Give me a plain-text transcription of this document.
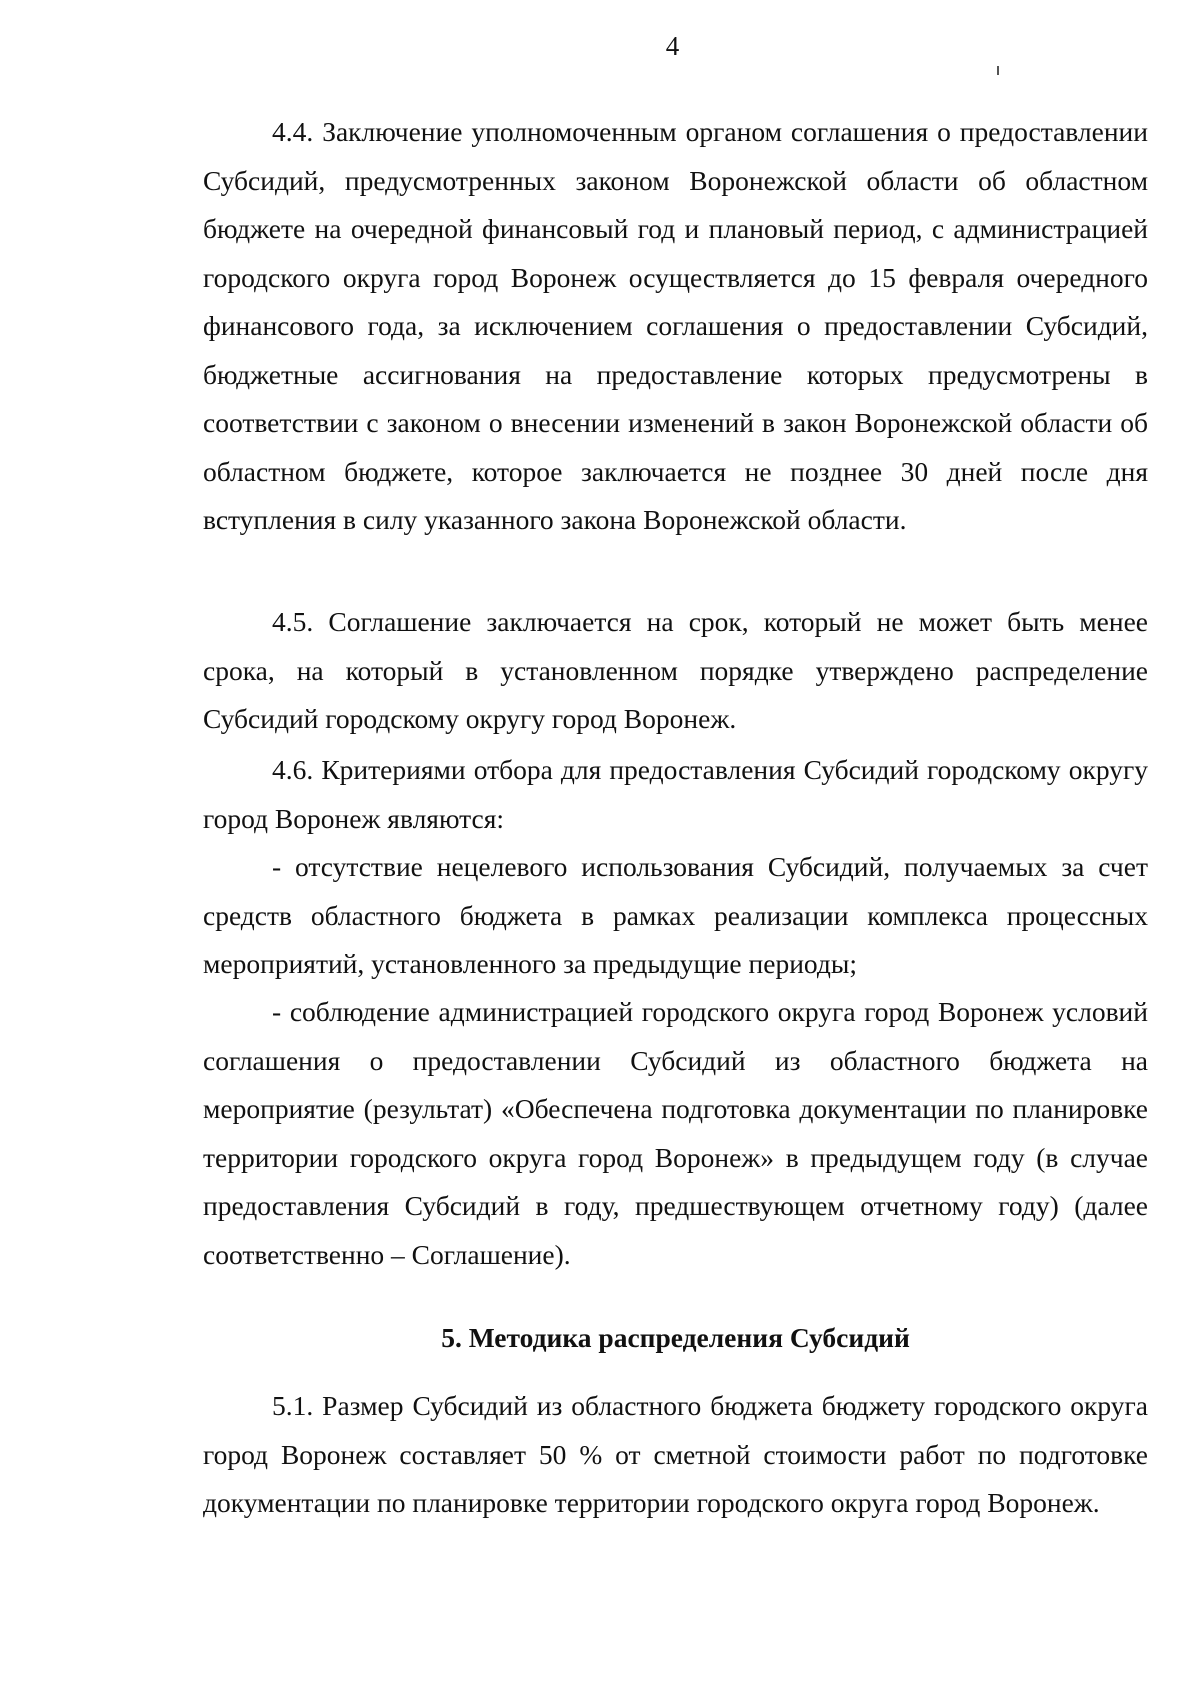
4

4.4. Заключение уполномоченным органом соглашения о предоставлении Субсидий, предусмотренных законом Воронежской области об областном бюджете на очередной финансовый год и плановый период, с администрацией городского округа город Воронеж осуществляется до 15 февраля очередного финансового года, за исключением соглашения о предоставлении Субсидий, бюджетные ассигнования на предоставление которых предусмотрены в соответствии с законом о внесении изменений в закон Воронежской области об областном бюджете, которое заключается не позднее 30 дней после дня вступления в силу указанного закона Воронежской области.

4.5. Соглашение заключается на срок, который не может быть менее срока, на который в установленном порядке утверждено распределение Субсидий городскому округу город Воронеж.

4.6. Критериями отбора для предоставления Субсидий городскому округу город Воронеж являются:

- отсутствие нецелевого использования Субсидий, получаемых за счет средств областного бюджета в рамках реализации комплекса процессных мероприятий, установленного за предыдущие периоды;

- соблюдение администрацией городского округа город Воронеж условий соглашения о предоставлении Субсидий из областного бюджета на мероприятие (результат) «Обеспечена подготовка документации по планировке территории городского округа город Воронеж» в предыдущем году (в случае предоставления Субсидий в году, предшествующем отчетному году) (далее соответственно – Соглашение).

5. Методика распределения Субсидий

5.1. Размер Субсидий из областного бюджета бюджету городского округа город Воронеж составляет 50 % от сметной стоимости работ по подготовке документации по планировке территории городского округа город Воронеж.
